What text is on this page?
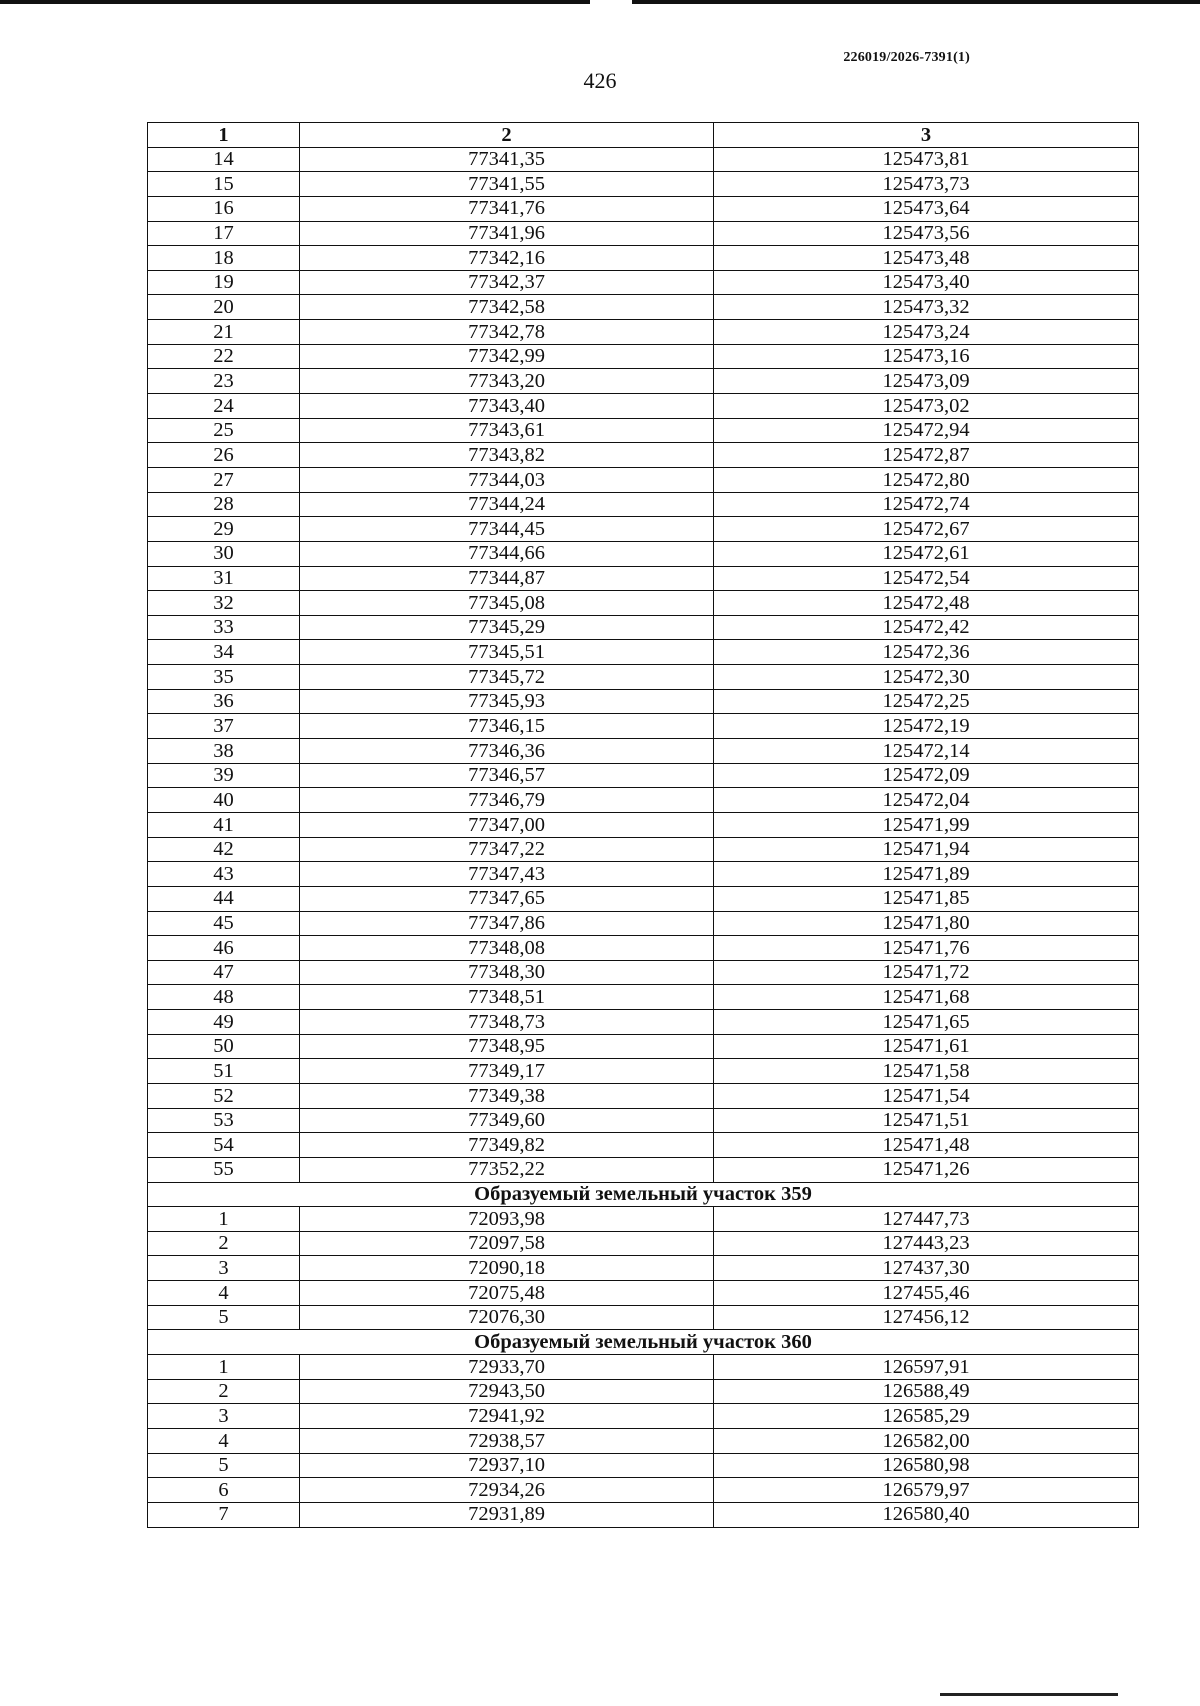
226019/2026-7391(1)
426
1	2	3
14	77341,35	125473,81
15	77341,55	125473,73
16	77341,76	125473,64
17	77341,96	125473,56
18	77342,16	125473,48
19	77342,37	125473,40
20	77342,58	125473,32
21	77342,78	125473,24
22	77342,99	125473,16
23	77343,20	125473,09
24	77343,40	125473,02
25	77343,61	125472,94
26	77343,82	125472,87
27	77344,03	125472,80
28	77344,24	125472,74
29	77344,45	125472,67
30	77344,66	125472,61
31	77344,87	125472,54
32	77345,08	125472,48
33	77345,29	125472,42
34	77345,51	125472,36
35	77345,72	125472,30
36	77345,93	125472,25
37	77346,15	125472,19
38	77346,36	125472,14
39	77346,57	125472,09
40	77346,79	125472,04
41	77347,00	125471,99
42	77347,22	125471,94
43	77347,43	125471,89
44	77347,65	125471,85
45	77347,86	125471,80
46	77348,08	125471,76
47	77348,30	125471,72
48	77348,51	125471,68
49	77348,73	125471,65
50	77348,95	125471,61
51	77349,17	125471,58
52	77349,38	125471,54
53	77349,60	125471,51
54	77349,82	125471,48
55	77352,22	125471,26
Образуемый земельный участок 359		
1	72093,98	127447,73
2	72097,58	127443,23
3	72090,18	127437,30
4	72075,48	127455,46
5	72076,30	127456,12
Образуемый земельный участок 360		
1	72933,70	126597,91
2	72943,50	126588,49
3	72941,92	126585,29
4	72938,57	126582,00
5	72937,10	126580,98
6	72934,26	126579,97
7	72931,89	126580,40
